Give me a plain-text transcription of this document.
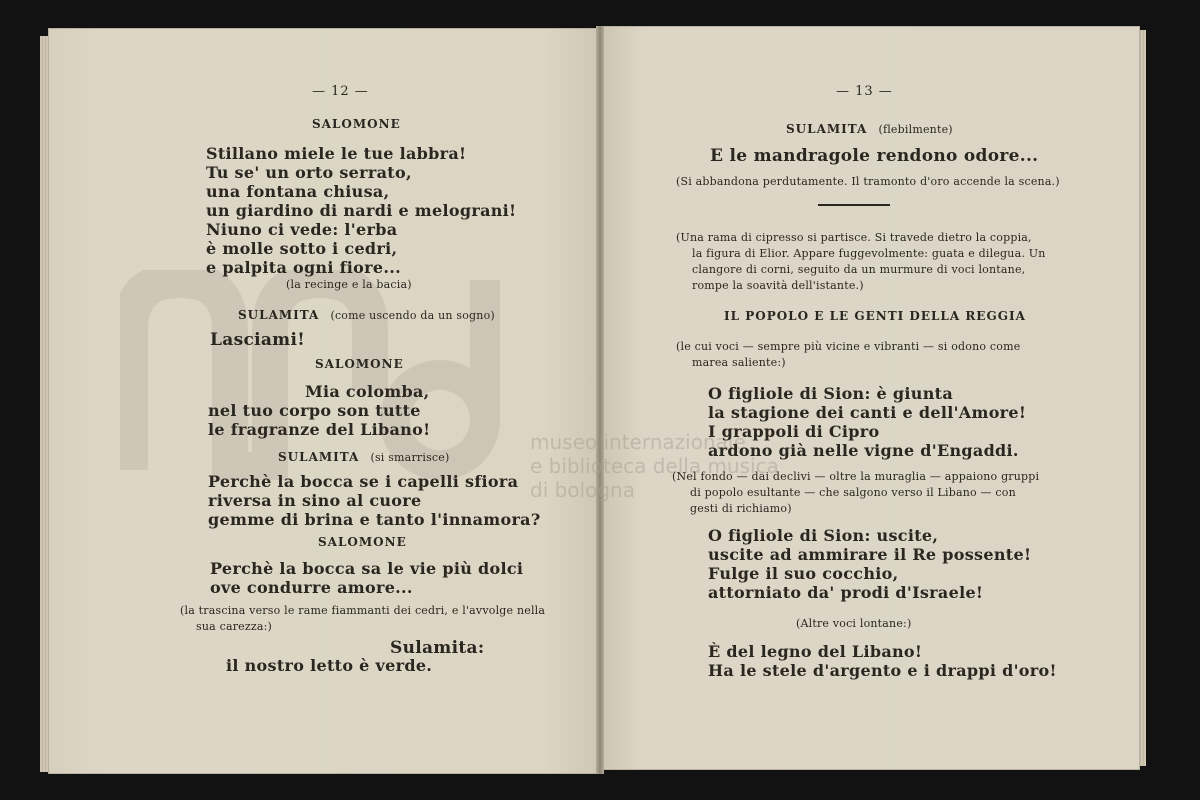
museo internazionale
e biblioteca della musica
di bologna
— 12 —
SALOMONE
Stillano miele le tue labbra!
Tu se' un orto serrato,
una fontana chiusa,
un giardino di nardi e melograni!
Niuno ci vede: l'erba
è molle sotto i cedri,
e palpita ogni fiore...
(la recinge e la bacia)
SULAMITA (come uscendo da un sogno)
Lasciami!
SALOMONE
Mia colomba,
nel tuo corpo son tutte
le fragranze del Libano!
SULAMITA (si smarrisce)
Perchè la bocca se i capelli sfiora
riversa in sino al cuore
gemme di brina e tanto l'innamora?
SALOMONE
Perchè la bocca sa le vie più dolci
ove condurre amore...
(la trascina verso le rame fiammanti dei cedri, e l'avvolge nella
sua carezza:)
Sulamita:
il nostro letto è verde.
— 13 —
SULAMITA (flebilmente)
E le mandragole rendono odore...
(Si abbandona perdutamente. Il tramonto d'oro accende la scena.)
(Una rama di cipresso si partisce. Si travede dietro la coppia,
la figura di Elior. Appare fuggevolmente: guata e dilegua. Un
clangore di corni, seguito da un murmure di voci lontane,
rompe la soavità dell'istante.)
IL POPOLO E LE GENTI DELLA REGGIA
(le cui voci — sempre più vicine e vibranti — si odono come
marea saliente:)
O figliole di Sion: è giunta
la stagione dei canti e dell'Amore!
I grappoli di Cipro
ardono già nelle vigne d'Engaddi.
(Nel fondo — dai declivi — oltre la muraglia — appaiono gruppi
di popolo esultante — che salgono verso il Libano — con
gesti di richiamo)
O figliole di Sion: uscite,
uscite ad ammirare il Re possente!
Fulge il suo cocchio,
attorniato da' prodi d'Israele!
(Altre voci lontane:)
È del legno del Libano!
Ha le stele d'argento e i drappi d'oro!
